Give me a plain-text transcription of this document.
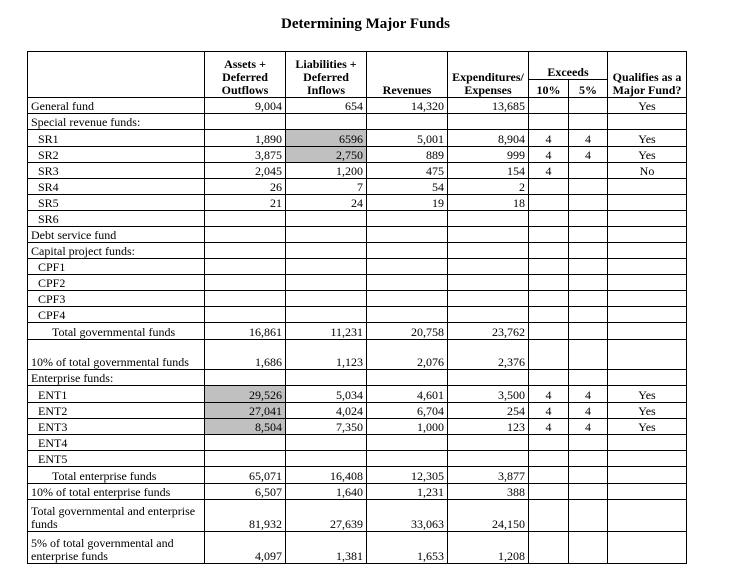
Determining Major Funds
	Assets + Deferred Outflows	Liabilities + Deferred Inflows	Revenues	Expenditures/ Expenses	Exceeds		Qualifies as a Major Fund?
					10%	5%	
General fund	9,004	654	14,320	13,685			Yes
Special revenue funds:							
SR1	1,890	6596	5,001	8,904	4	4	Yes
SR2	3,875	2,750	889	999	4	4	Yes
SR3	2,045	1,200	475	154	4		No
SR4	26	7	54	2			
SR5	21	24	19	18			
SR6							
Debt service fund							
Capital project funds:							
CPF1							
CPF2							
CPF3							
CPF4							
Total governmental funds	16,861	11,231	20,758	23,762			
10% of total governmental funds	1,686	1,123	2,076	2,376			
Enterprise funds:							
ENT1	29,526	5,034	4,601	3,500	4	4	Yes
ENT2	27,041	4,024	6,704	254	4	4	Yes
ENT3	8,504	7,350	1,000	123	4	4	Yes
ENT4							
ENT5							
Total enterprise funds	65,071	16,408	12,305	3,877			
10% of total enterprise funds	6,507	1,640	1,231	388			
Total governmental and enterprise funds	81,932	27,639	33,063	24,150			
5% of total governmental and enterprise funds	4,097	1,381	1,653	1,208			
